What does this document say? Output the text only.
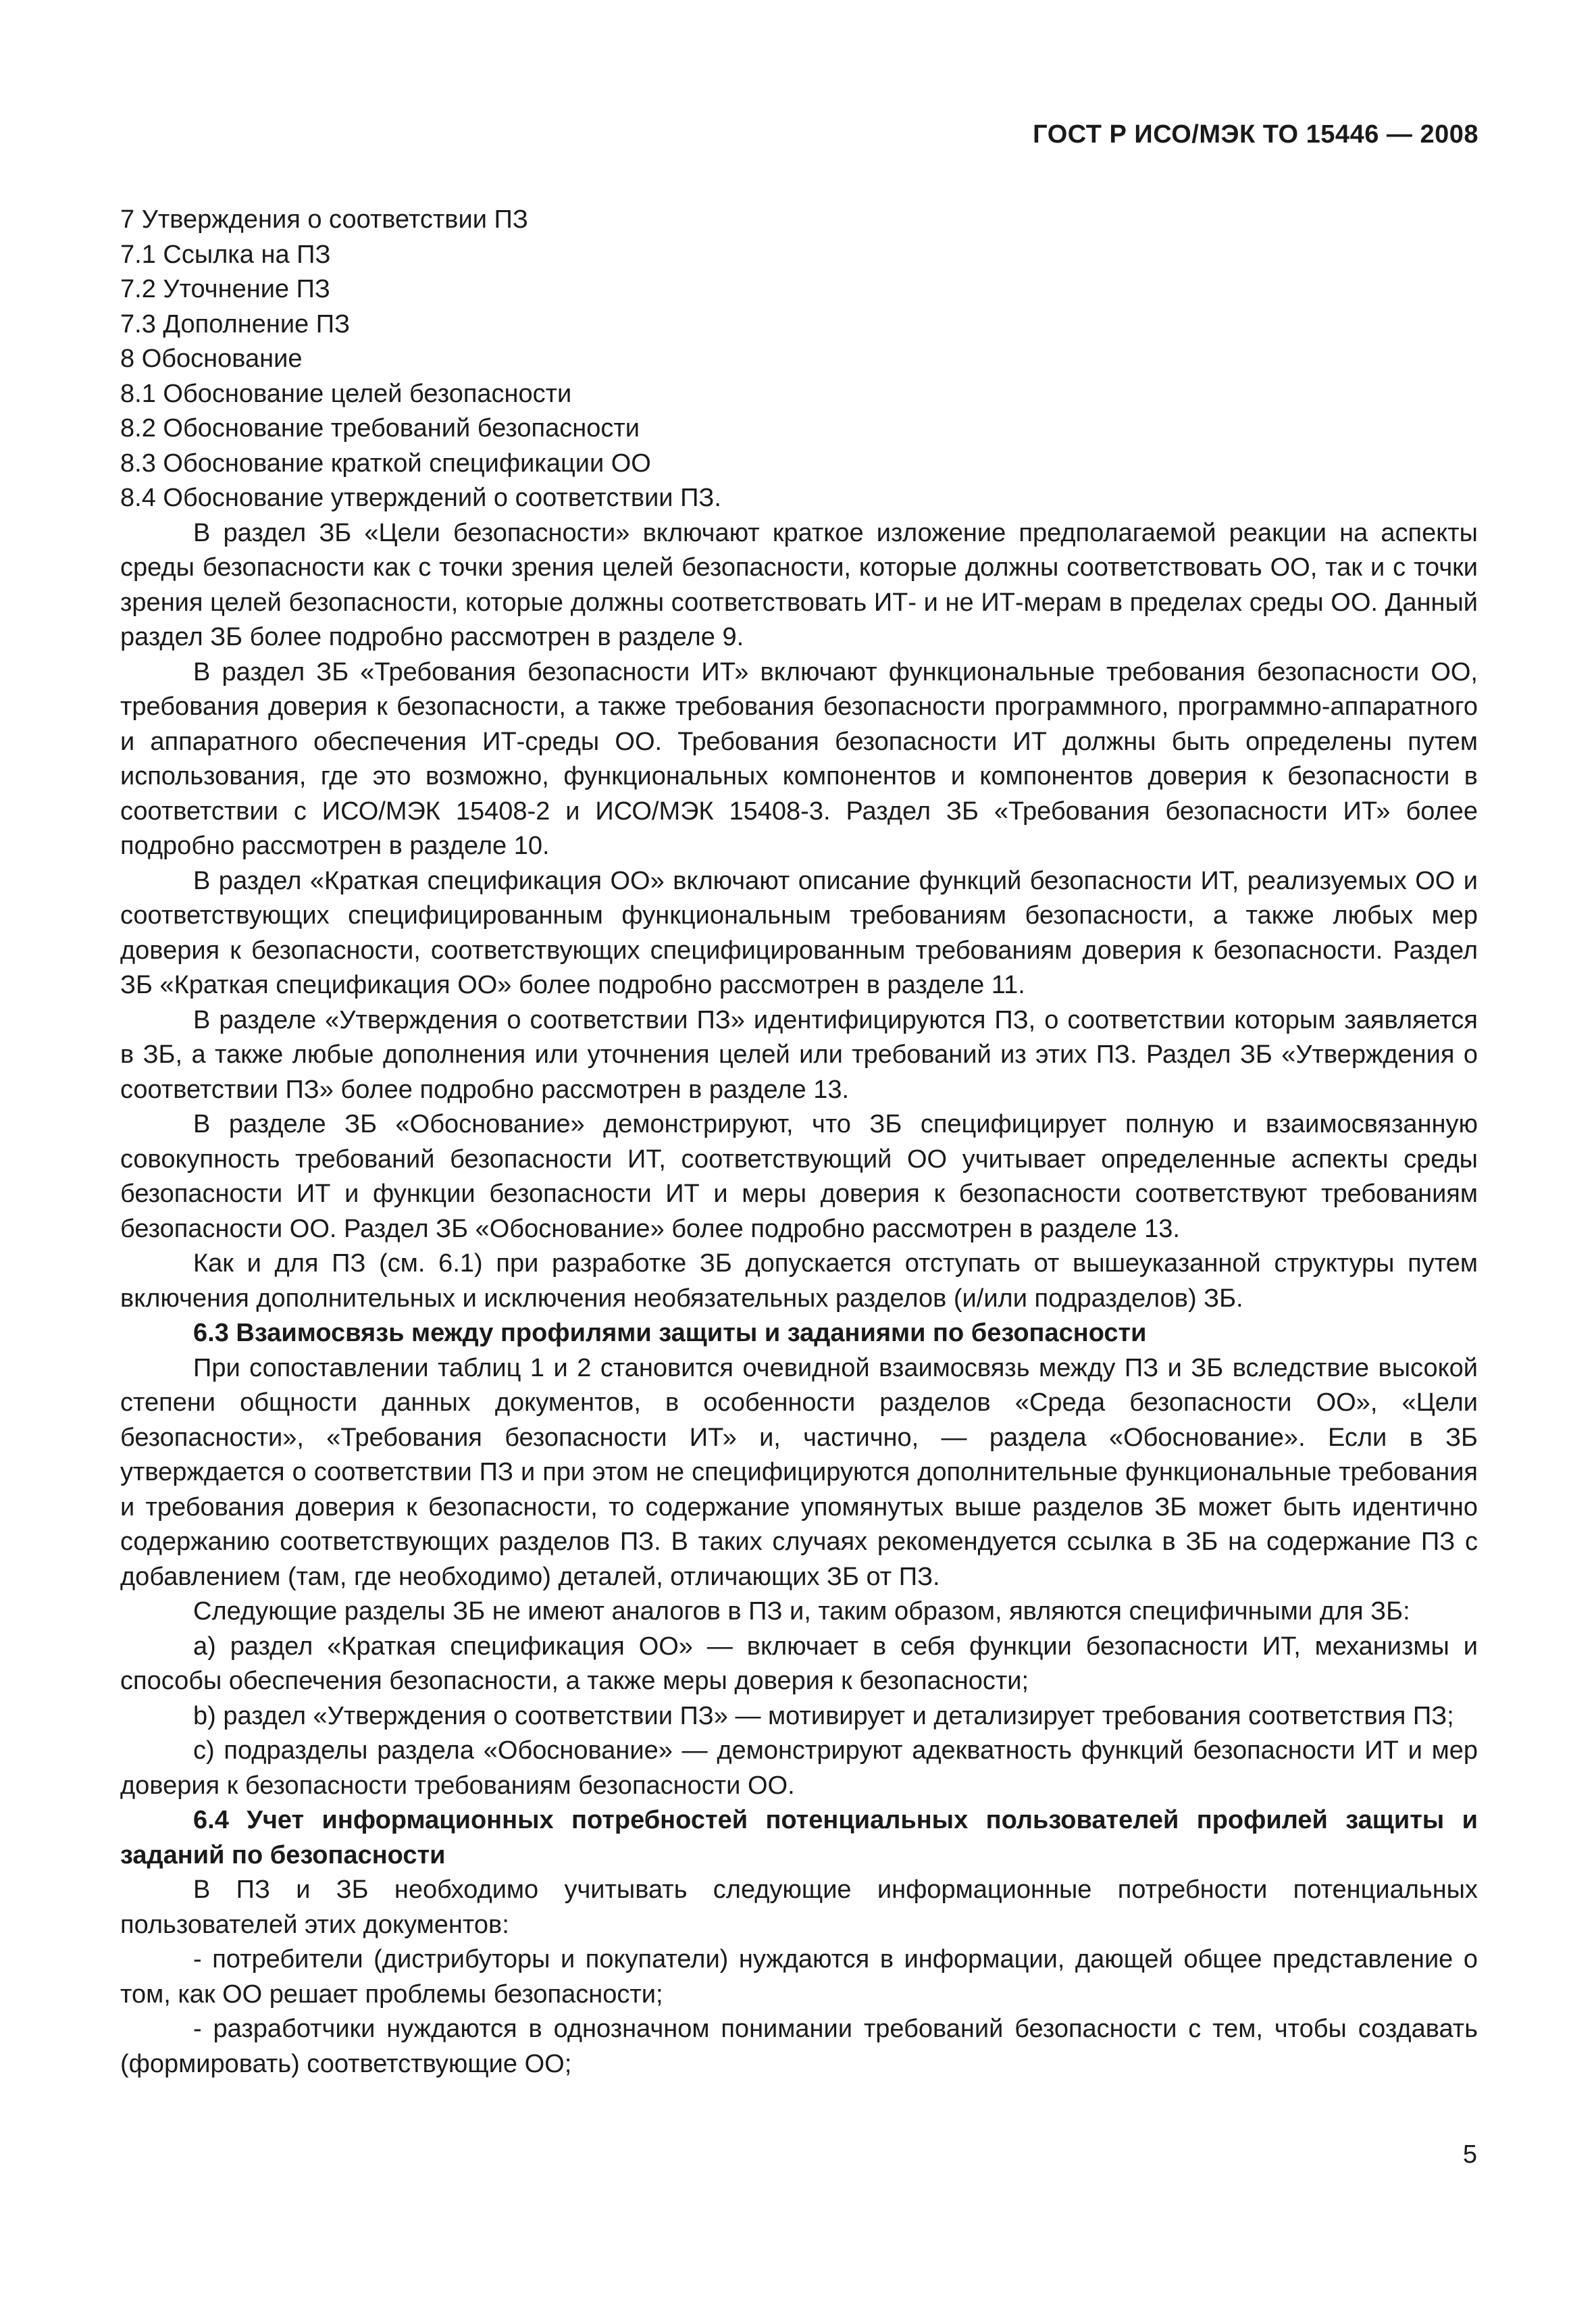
ГОСТ Р ИСО/МЭК ТО 15446 — 2008

7 Утверждения о соответствии ПЗ

7.1 Ссылка на ПЗ

7.2 Уточнение ПЗ

7.3 Дополнение ПЗ

8 Обоснование

8.1 Обоснование целей безопасности

8.2 Обоснование требований безопасности

8.3 Обоснование краткой спецификации ОО

8.4 Обоснование утверждений о соответствии ПЗ.

В раздел ЗБ «Цели безопасности» включают краткое изложение предполагаемой реакции на аспекты среды безопасности как с точки зрения целей безопасности, которые должны соответствовать ОО, так и с точки зрения целей безопасности, которые должны соответствовать ИТ- и не ИТ-мерам в пределах среды ОО. Данный раздел ЗБ более подробно рассмотрен в разделе 9.

В раздел ЗБ «Требования безопасности ИТ» включают функциональные требования безопасности ОО, требования доверия к безопасности, а также требования безопасности программного, программно-аппаратного и аппаратного обеспечения ИТ-среды ОО. Требования безопасности ИТ должны быть определены путем использования, где это возможно, функциональных компонентов и компонентов доверия к безопасности в соответствии с ИСО/МЭК 15408-2 и ИСО/МЭК 15408-3. Раздел ЗБ «Требования безопасности ИТ» более подробно рассмотрен в разделе 10.

В раздел «Краткая спецификация ОО» включают описание функций безопасности ИТ, реализуемых ОО и соответствующих специфицированным функциональным требованиям безопасности, а также любых мер доверия к безопасности, соответствующих специфицированным требованиям доверия к безопасности. Раздел ЗБ «Краткая спецификация ОО» более подробно рассмотрен в разделе 11.

В разделе «Утверждения о соответствии ПЗ» идентифицируются ПЗ, о соответствии которым заявляется в ЗБ, а также любые дополнения или уточнения целей или требований из этих ПЗ. Раздел ЗБ «Утверждения о соответствии ПЗ» более подробно рассмотрен в разделе 13.

В разделе ЗБ «Обоснование» демонстрируют, что ЗБ специфицирует полную и взаимосвязанную совокупность требований безопасности ИТ, соответствующий ОО учитывает определенные аспекты среды безопасности ИТ и функции безопасности ИТ и меры доверия к безопасности соответствуют требованиям безопасности ОО. Раздел ЗБ «Обоснование» более подробно рассмотрен в разделе 13.

Как и для ПЗ (см. 6.1) при разработке ЗБ допускается отступать от вышеуказанной структуры путем включения дополнительных и исключения необязательных разделов (и/или подразделов) ЗБ.

6.3 Взаимосвязь между профилями защиты и заданиями по безопасности

При сопоставлении таблиц 1 и 2 становится очевидной взаимосвязь между ПЗ и ЗБ вследствие высокой степени общности данных документов, в особенности разделов «Среда безопасности ОО», «Цели безопасности», «Требования безопасности ИТ» и, частично, — раздела «Обоснование». Если в ЗБ утверждается о соответствии ПЗ и при этом не специфицируются дополнительные функциональные требования и требования доверия к безопасности, то содержание упомянутых выше разделов ЗБ может быть идентично содержанию соответствующих разделов ПЗ. В таких случаях рекомендуется ссылка в ЗБ на содержание ПЗ с добавлением (там, где необходимо) деталей, отличающих ЗБ от ПЗ.

Следующие разделы ЗБ не имеют аналогов в ПЗ и, таким образом, являются специфичными для ЗБ:

а) раздел «Краткая спецификация ОО» — включает в себя функции безопасности ИТ, механизмы и способы обеспечения безопасности, а также меры доверия к безопасности;

b) раздел «Утверждения о соответствии ПЗ» — мотивирует и детализирует требования соответствия ПЗ;

с) подразделы раздела «Обоснование» — демонстрируют адекватность функций безопасности ИТ и мер доверия к безопасности требованиям безопасности ОО.

6.4 Учет информационных потребностей потенциальных пользователей профилей защиты и заданий по безопасности

В ПЗ и ЗБ необходимо учитывать следующие информационные потребности потенциальных пользователей этих документов:

- потребители (дистрибуторы и покупатели) нуждаются в информации, дающей общее представление о том, как ОО решает проблемы безопасности;

- разработчики нуждаются в однозначном понимании требований безопасности с тем, чтобы создавать (формировать) соответствующие ОО;

5
